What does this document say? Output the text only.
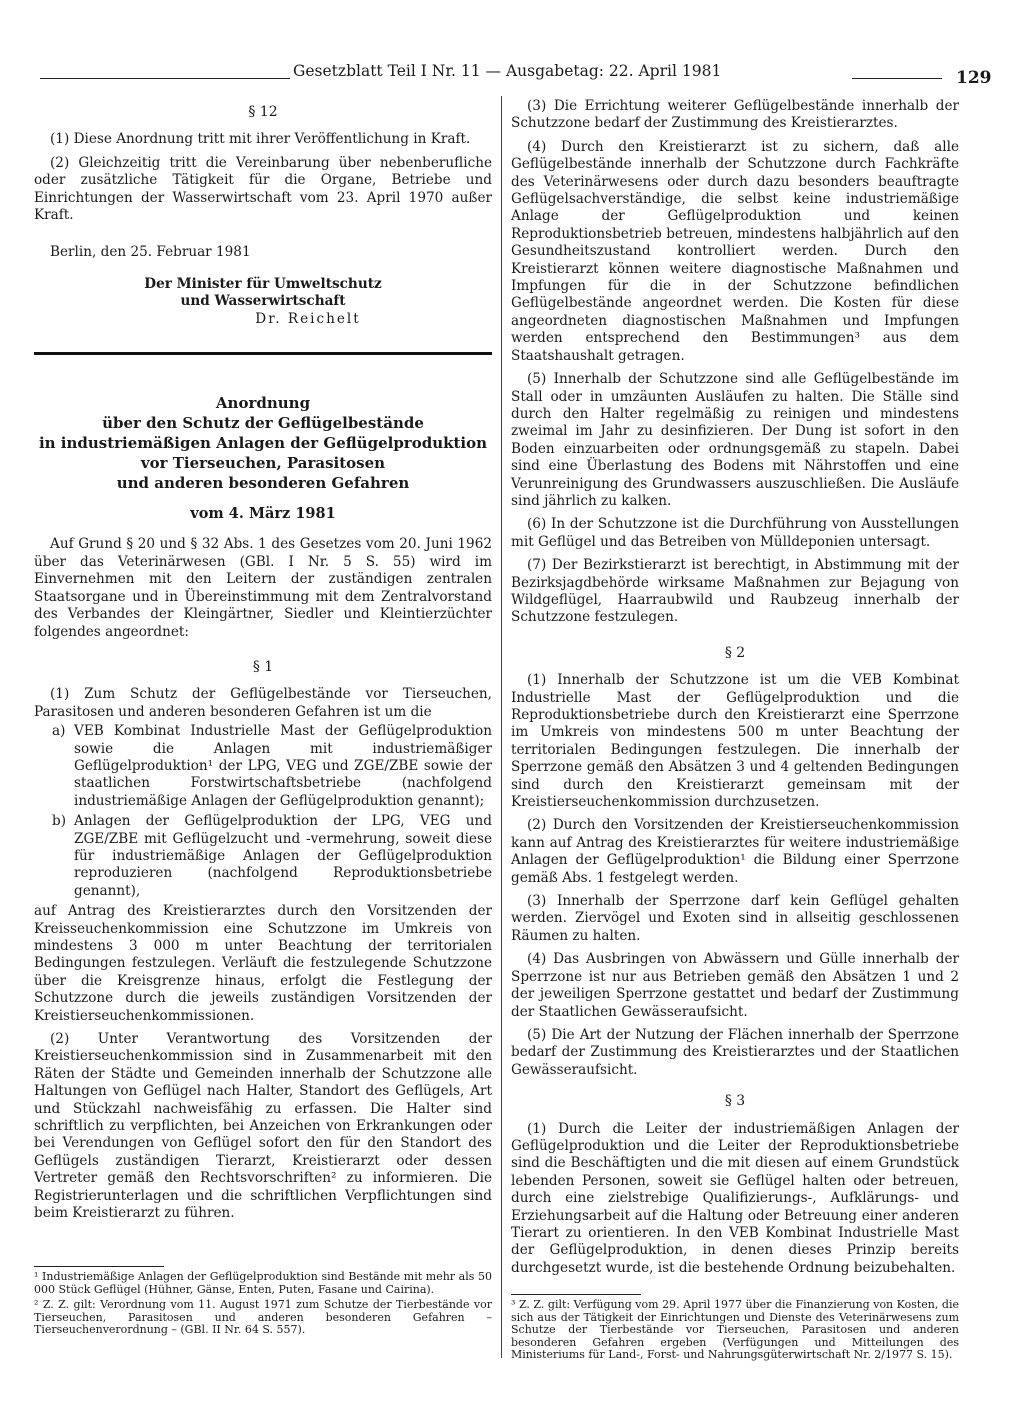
Gesetzblatt Teil I Nr. 11 — Ausgabetag: 22. April 1981	129
§ 12

(1) Diese Anordnung tritt mit ihrer Veröffentlichung in Kraft.

(2) Gleichzeitig tritt die Vereinbarung über nebenberufliche oder zusätzliche Tätigkeit für die Organe, Betriebe und Einrichtungen der Wasserwirtschaft vom 23. April 1970 außer Kraft.

Berlin, den 25. Februar 1981

Der Minister für Umweltschutz
und Wasserwirtschaft
Dr. Reichelt
Anordnung
über den Schutz der Geflügelbestände
in industriemäßigen Anlagen der Geflügelproduktion
vor Tierseuchen, Parasitosen
und anderen besonderen Gefahren
vom 4. März 1981

Auf Grund § 20 und § 32 Abs. 1 des Gesetzes vom 20. Juni 1962 über das Veterinärwesen (GBl. I Nr. 5 S. 55) wird im Einvernehmen mit den Leitern der zuständigen zentralen Staatsorgane und in Übereinstimmung mit dem Zentralvorstand des Verbandes der Kleingärtner, Siedler und Kleintierzüchter folgendes angeordnet:

§ 1

(1) Zum Schutz der Geflügelbestände vor Tierseuchen, Parasitosen und anderen besonderen Gefahren ist um die

a) VEB Kombinat Industrielle Mast der Geflügelproduktion sowie die Anlagen mit industriemäßiger Geflügelproduktion¹ der LPG, VEG und ZGE/ZBE sowie der staatlichen Forstwirtschaftsbetriebe (nachfolgend industriemäßige Anlagen der Geflügelproduktion genannt);
b) Anlagen der Geflügelproduktion der LPG, VEG und ZGE/ZBE mit Geflügelzucht und -vermehrung, soweit diese für industriemäßige Anlagen der Geflügelproduktion reproduzieren (nachfolgend Reproduktionsbetriebe genannt),

auf Antrag des Kreistierarztes durch den Vorsitzenden der Kreisseuchenkommission eine Schutzzone im Umkreis von mindestens 3 000 m unter Beachtung der territorialen Bedingungen festzulegen. Verläuft die festzulegende Schutzzone über die Kreisgrenze hinaus, erfolgt die Festlegung der Schutzzone durch die jeweils zuständigen Vorsitzenden der Kreistierseuchenkommissionen.

(2) Unter Verantwortung des Vorsitzenden der Kreistierseuchenkommission sind in Zusammenarbeit mit den Räten der Städte und Gemeinden innerhalb der Schutzzone alle Haltungen von Geflügel nach Halter, Standort des Geflügels, Art und Stückzahl nachweisfähig zu erfassen. Die Halter sind schriftlich zu verpflichten, bei Anzeichen von Erkrankungen oder bei Verendungen von Geflügel sofort den für den Standort des Geflügels zuständigen Tierarzt, Kreistierarzt oder dessen Vertreter gemäß den Rechtsvorschriften² zu informieren. Die Registrierunterlagen und die schriftlichen Verpflichtungen sind beim Kreistierarzt zu führen.

¹ Industriemäßige Anlagen der Geflügelproduktion sind Bestände mit mehr als 50 000 Stück Geflügel (Hühner, Gänse, Enten, Puten, Fasane und Cairina).

² Z. Z. gilt: Verordnung vom 11. August 1971 zum Schutze der Tierbestände vor Tierseuchen, Parasitosen und anderen besonderen Gefahren – Tierseuchenverordnung – (GBl. II Nr. 64 S. 557).

(3) Die Errichtung weiterer Geflügelbestände innerhalb der Schutzzone bedarf der Zustimmung des Kreistierarztes.

(4) Durch den Kreistierarzt ist zu sichern, daß alle Geflügelbestände innerhalb der Schutzzone durch Fachkräfte des Veterinärwesens oder durch dazu besonders beauftragte Geflügelsachverständige, die selbst keine industriemäßige Anlage der Geflügelproduktion und keinen Reproduktionsbetrieb betreuen, mindestens halbjährlich auf den Gesundheitszustand kontrolliert werden. Durch den Kreistierarzt können weitere diagnostische Maßnahmen und Impfungen für die in der Schutzzone befindlichen Geflügelbestände angeordnet werden. Die Kosten für diese angeordneten diagnostischen Maßnahmen und Impfungen werden entsprechend den Bestimmungen³ aus dem Staatshaushalt getragen.

(5) Innerhalb der Schutzzone sind alle Geflügelbestände im Stall oder in umzäunten Ausläufen zu halten. Die Ställe sind durch den Halter regelmäßig zu reinigen und mindestens zweimal im Jahr zu desinfizieren. Der Dung ist sofort in den Boden einzuarbeiten oder ordnungsgemäß zu stapeln. Dabei sind eine Überlastung des Bodens mit Nährstoffen und eine Verunreinigung des Grundwassers auszuschließen. Die Ausläufe sind jährlich zu kalken.

(6) In der Schutzzone ist die Durchführung von Ausstellungen mit Geflügel und das Betreiben von Mülldeponien untersagt.

(7) Der Bezirkstierarzt ist berechtigt, in Abstimmung mit der Bezirksjagdbehörde wirksame Maßnahmen zur Bejagung von Wildgeflügel, Haarraubwild und Raubzeug innerhalb der Schutzzone festzulegen.

§ 2

(1) Innerhalb der Schutzzone ist um die VEB Kombinat Industrielle Mast der Geflügelproduktion und die Reproduktionsbetriebe durch den Kreistierarzt eine Sperrzone im Umkreis von mindestens 500 m unter Beachtung der territorialen Bedingungen festzulegen. Die innerhalb der Sperrzone gemäß den Absätzen 3 und 4 geltenden Bedingungen sind durch den Kreistierarzt gemeinsam mit der Kreistierseuchenkommission durchzusetzen.

(2) Durch den Vorsitzenden der Kreistierseuchenkommission kann auf Antrag des Kreistierarztes für weitere industriemäßige Anlagen der Geflügelproduktion¹ die Bildung einer Sperrzone gemäß Abs. 1 festgelegt werden.

(3) Innerhalb der Sperrzone darf kein Geflügel gehalten werden. Ziervögel und Exoten sind in allseitig geschlossenen Räumen zu halten.

(4) Das Ausbringen von Abwässern und Gülle innerhalb der Sperrzone ist nur aus Betrieben gemäß den Absätzen 1 und 2 der jeweiligen Sperrzone gestattet und bedarf der Zustimmung der Staatlichen Gewässeraufsicht.

(5) Die Art der Nutzung der Flächen innerhalb der Sperrzone bedarf der Zustimmung des Kreistierarztes und der Staatlichen Gewässeraufsicht.

§ 3

(1) Durch die Leiter der industriemäßigen Anlagen der Geflügelproduktion und die Leiter der Reproduktionsbetriebe sind die Beschäftigten und die mit diesen auf einem Grundstück lebenden Personen, soweit sie Geflügel halten oder betreuen, durch eine zielstrebige Qualifizierungs-, Aufklärungs- und Erziehungsarbeit auf die Haltung oder Betreuung einer anderen Tierart zu orientieren. In den VEB Kombinat Industrielle Mast der Geflügelproduktion, in denen dieses Prinzip bereits durchgesetzt wurde, ist die bestehende Ordnung beizubehalten.

³ Z. Z. gilt: Verfügung vom 29. April 1977 über die Finanzierung von Kosten, die sich aus der Tätigkeit der Einrichtungen und Dienste des Veterinärwesens zum Schutze der Tierbestände vor Tierseuchen, Parasitosen und anderen besonderen Gefahren ergeben (Verfügungen und Mitteilungen des Ministeriums für Land-, Forst- und Nahrungsgüterwirtschaft Nr. 2/1977 S. 15).
